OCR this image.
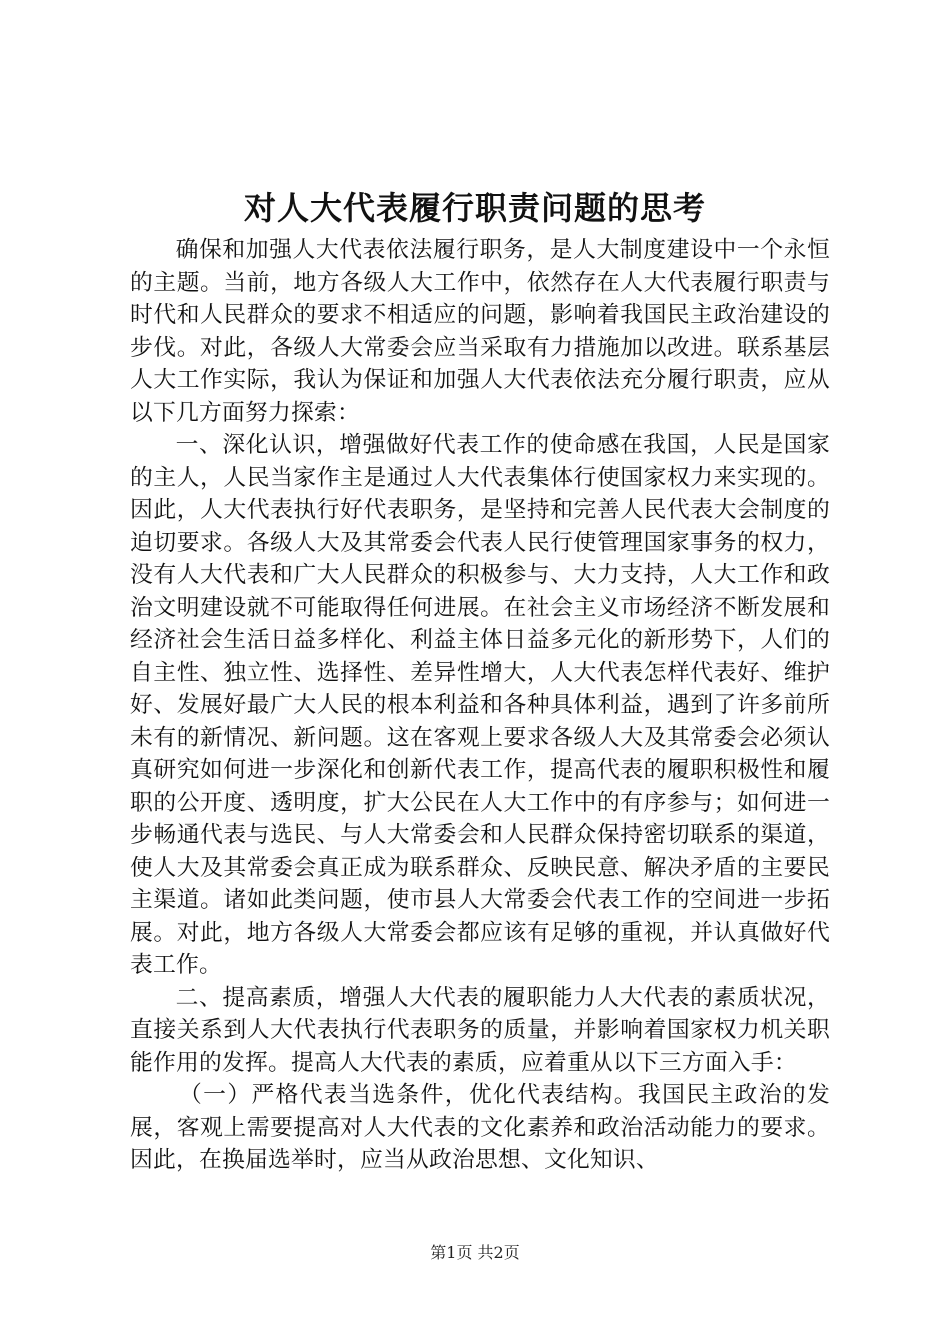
对人大代表履行职责问题的思考

确保和加强人大代表依法履行职务，是人大制度建设中一个永恒的主题。当前，地方各级人大工作中，依然存在人大代表履行职责与时代和人民群众的要求不相适应的问题，影响着我国民主政治建设的步伐。对此，各级人大常委会应当采取有力措施加以改进。联系基层人大工作实际，我认为保证和加强人大代表依法充分履行职责，应从以下几方面努力探索：

一、深化认识，增强做好代表工作的使命感在我国，人民是国家的主人，人民当家作主是通过人大代表集体行使国家权力来实现的。因此，人大代表执行好代表职务，是坚持和完善人民代表大会制度的迫切要求。各级人大及其常委会代表人民行使管理国家事务的权力，没有人大代表和广大人民群众的积极参与、大力支持，人大工作和政治文明建设就不可能取得任何进展。在社会主义市场经济不断发展和经济社会生活日益多样化、利益主体日益多元化的新形势下，人们的自主性、独立性、选择性、差异性增大，人大代表怎样代表好、维护好、发展好最广大人民的根本利益和各种具体利益，遇到了许多前所未有的新情况、新问题。这在客观上要求各级人大及其常委会必须认真研究如何进一步深化和创新代表工作，提高代表的履职积极性和履职的公开度、透明度，扩大公民在人大工作中的有序参与；如何进一步畅通代表与选民、与人大常委会和人民群众保持密切联系的渠道，使人大及其常委会真正成为联系群众、反映民意、解决矛盾的主要民主渠道。诸如此类问题，使市县人大常委会代表工作的空间进一步拓展。对此，地方各级人大常委会都应该有足够的重视，并认真做好代表工作。

二、提高素质，增强人大代表的履职能力人大代表的素质状况，直接关系到人大代表执行代表职务的质量，并影响着国家权力机关职能作用的发挥。提高人大代表的素质，应着重从以下三方面入手：

（一）严格代表当选条件，优化代表结构。我国民主政治的发展，客观上需要提高对人大代表的文化素养和政治活动能力的要求。因此，在换届选举时，应当从政治思想、文化知识、

第1页 共2页
